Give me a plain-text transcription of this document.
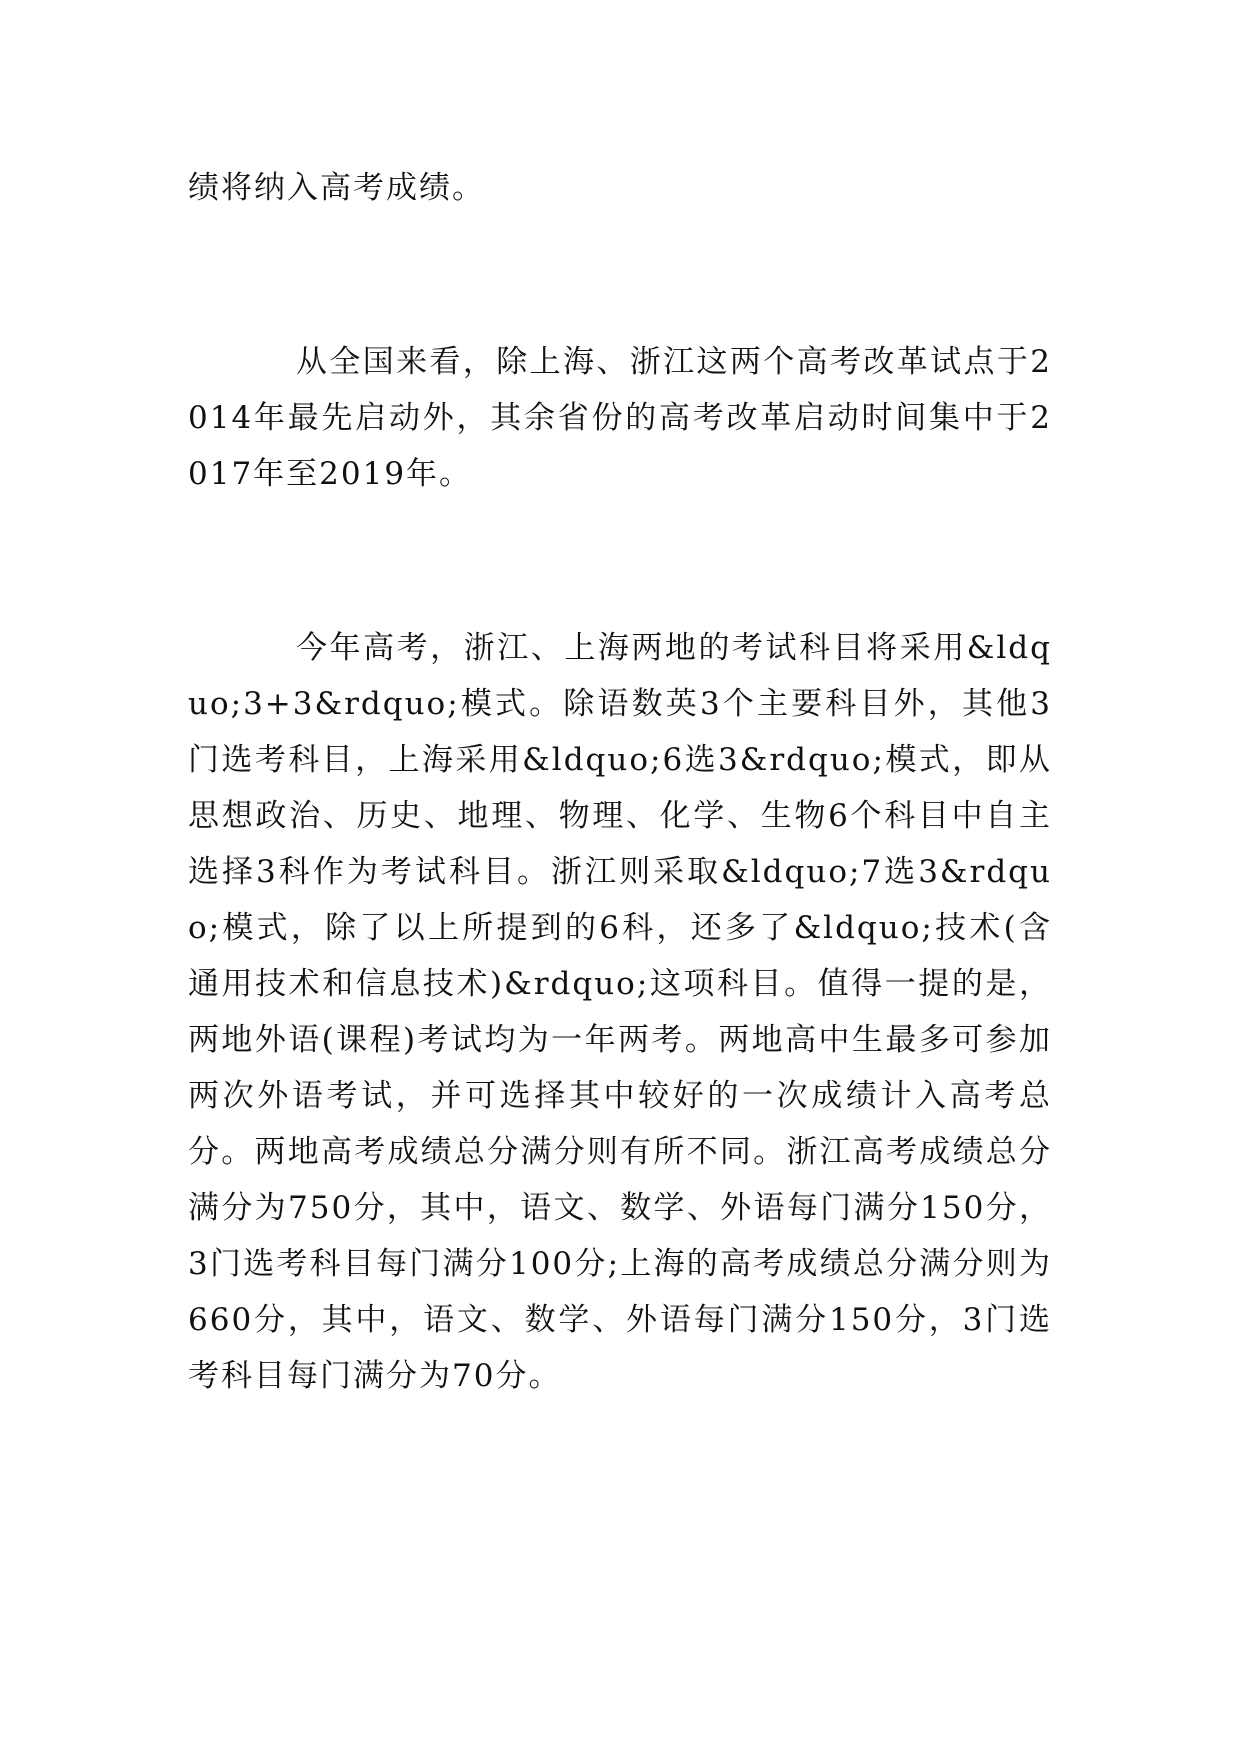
绩将纳入高考成绩。

从全国来看，除上海、浙江这两个高考改革试点于2014年最先启动外，其余省份的高考改革启动时间集中于2017年至2019年。

今年高考，浙江、上海两地的考试科目将采用&ldquo;3+3&rdquo;模式。除语数英3个主要科目外，其他3门选考科目，上海采用&ldquo;6选3&rdquo;模式，即从思想政治、历史、地理、物理、化学、生物6个科目中自主选择3科作为考试科目。浙江则采取&ldquo;7选3&rdquo;模式，除了以上所提到的6科，还多了&ldquo;技术(含通用技术和信息技术)&rdquo;这项科目。值得一提的是，两地外语(课程)考试均为一年两考。两地高中生最多可参加两次外语考试，并可选择其中较好的一次成绩计入高考总分。两地高考成绩总分满分则有所不同。浙江高考成绩总分满分为750分，其中，语文、数学、外语每门满分150分，3门选考科目每门满分100分;上海的高考成绩总分满分则为660分，其中，语文、数学、外语每门满分150分，3门选考科目每门满分为70分。
